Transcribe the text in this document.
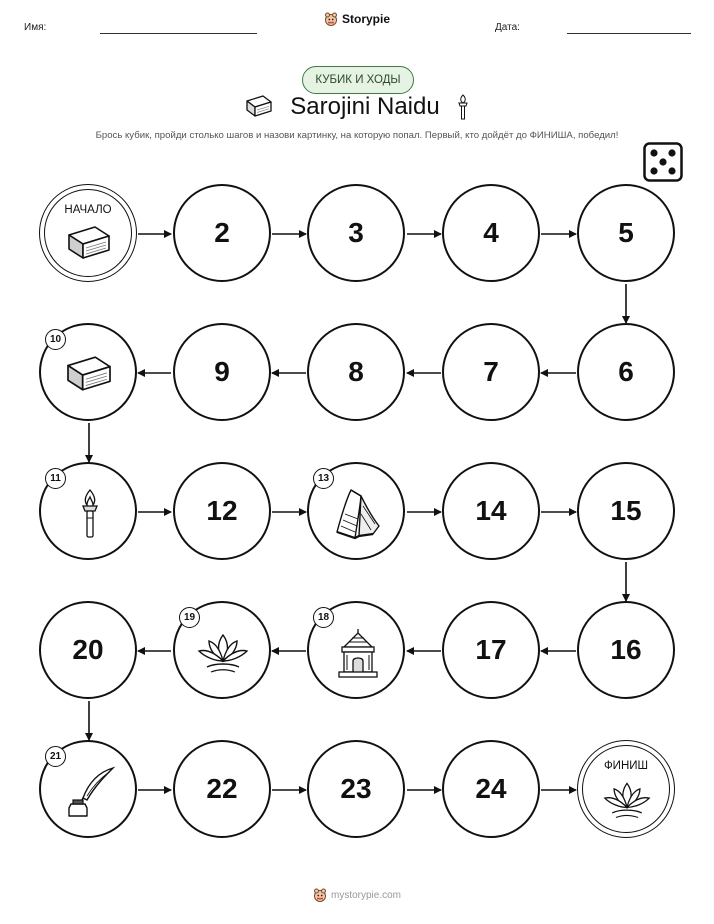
Имя:
Storypie
Дата:
КУБИК И ХОДЫ
Sarojini Naidu
Брось кубик, пройди столько шагов и назови картинку, на которую попал. Первый, кто дойдёт до ФИНИША, победил!
НАЧАЛО
2	3	4	5
10
9	8	7	6
11
12
13
14	15
20
19	18
17	16
21
22	23	24
ФИНИШ
mystorypie.com
